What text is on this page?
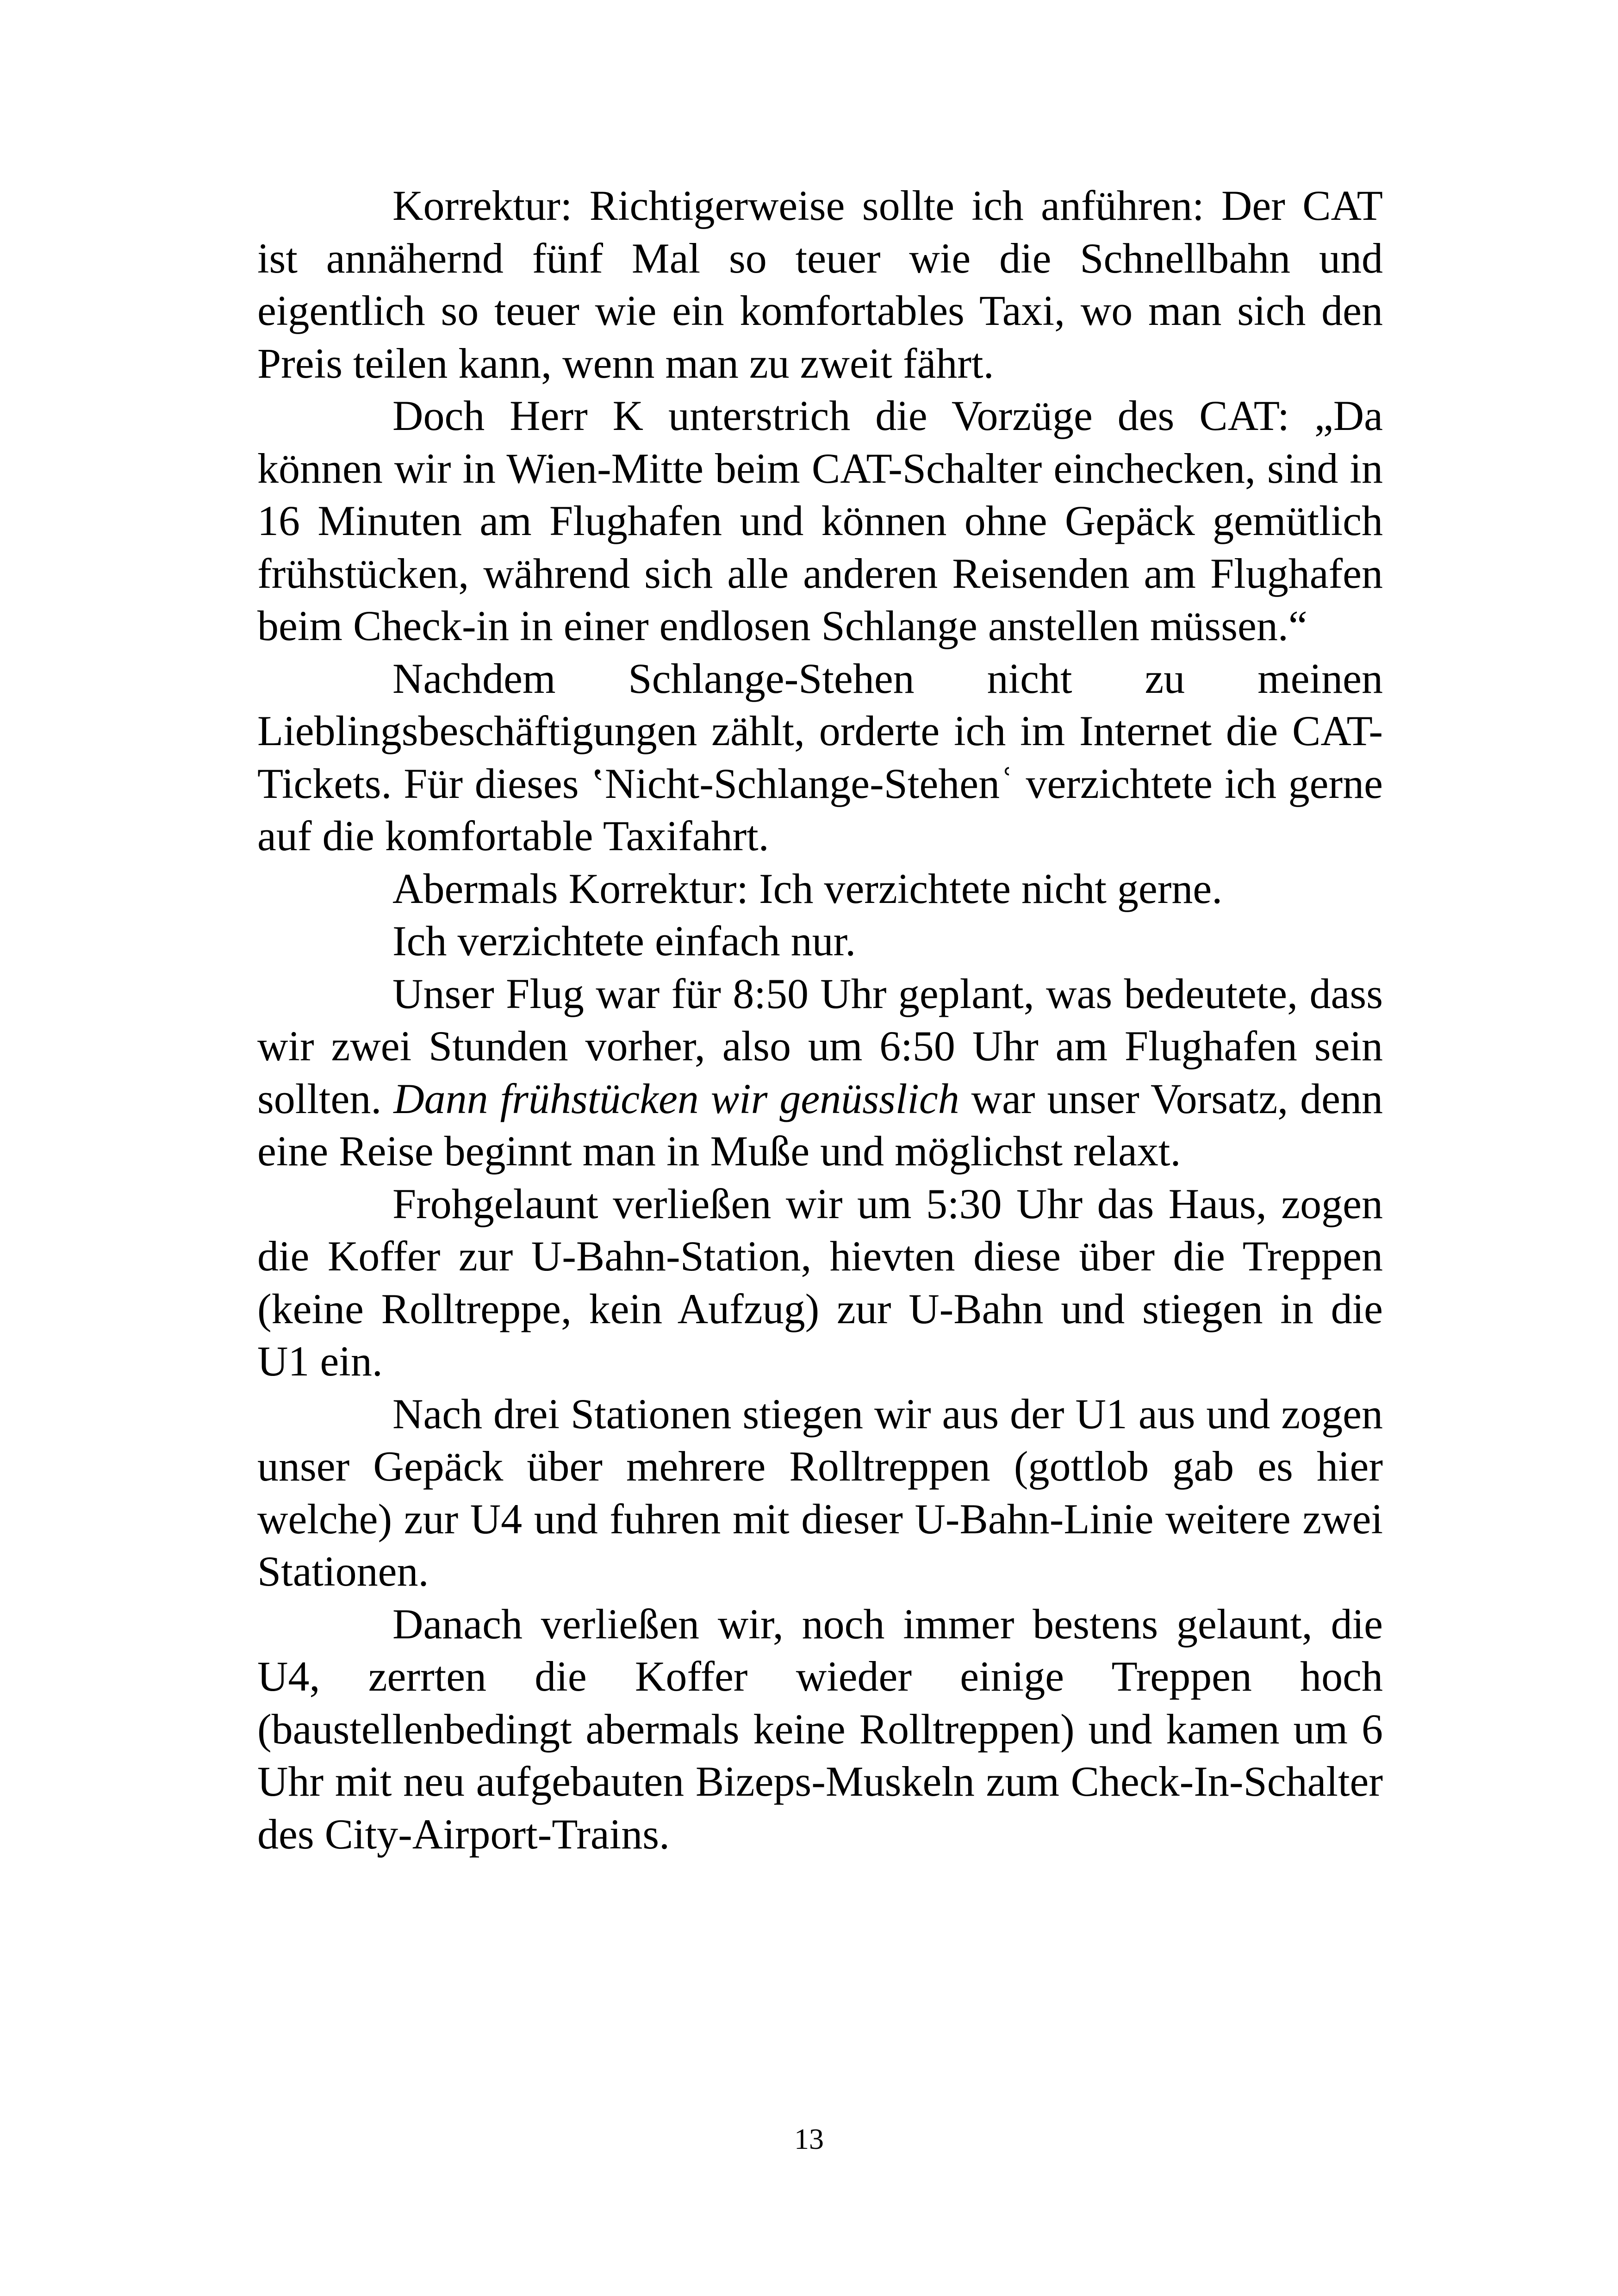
Korrektur: Richtigerweise sollte ich anführen: Der CAT ist annähernd fünf Mal so teuer wie die Schnellbahn und eigentlich so teuer wie ein komfortables Taxi, wo man sich den Preis teilen kann, wenn man zu zweit fährt.

Doch Herr K unterstrich die Vorzüge des CAT: „Da können wir in Wien-Mitte beim CAT-Schalter einchecken, sind in 16 Minuten am Flughafen und können ohne Gepäck gemütlich frühstücken, während sich alle anderen Reisenden am Flughafen beim Check-in in einer endlosen Schlange anstellen müssen.“

Nachdem Schlange-Stehen nicht zu meinen Lieblingsbeschäftigungen zählt, orderte ich im Internet die CAT-Tickets. Für dieses ʽNicht-Schlange-Stehenʿ verzichtete ich gerne auf die komfortable Taxifahrt.

Abermals Korrektur: Ich verzichtete nicht gerne.

Ich verzichtete einfach nur.

Unser Flug war für 8:50 Uhr geplant, was bedeutete, dass wir zwei Stunden vorher, also um 6:50 Uhr am Flughafen sein sollten. Dann frühstücken wir genüsslich war unser Vorsatz, denn eine Reise beginnt man in Muße und möglichst relaxt.

Frohgelaunt verließen wir um 5:30 Uhr das Haus, zogen die Koffer zur U-Bahn-Station, hievten diese über die Treppen (keine Rolltreppe, kein Aufzug) zur U-Bahn und stiegen in die U1 ein.

Nach drei Stationen stiegen wir aus der U1 aus und zogen unser Gepäck über mehrere Rolltreppen (gottlob gab es hier welche) zur U4 und fuhren mit dieser U-Bahn-Linie weitere zwei Stationen.

Danach verließen wir, noch immer bestens gelaunt, die U4, zerrten die Koffer wieder einige Treppen hoch (baustellenbedingt abermals keine Rolltreppen) und kamen um 6 Uhr mit neu aufgebauten Bizeps-Muskeln zum Check-In-Schalter des City-Airport-Trains.

13
